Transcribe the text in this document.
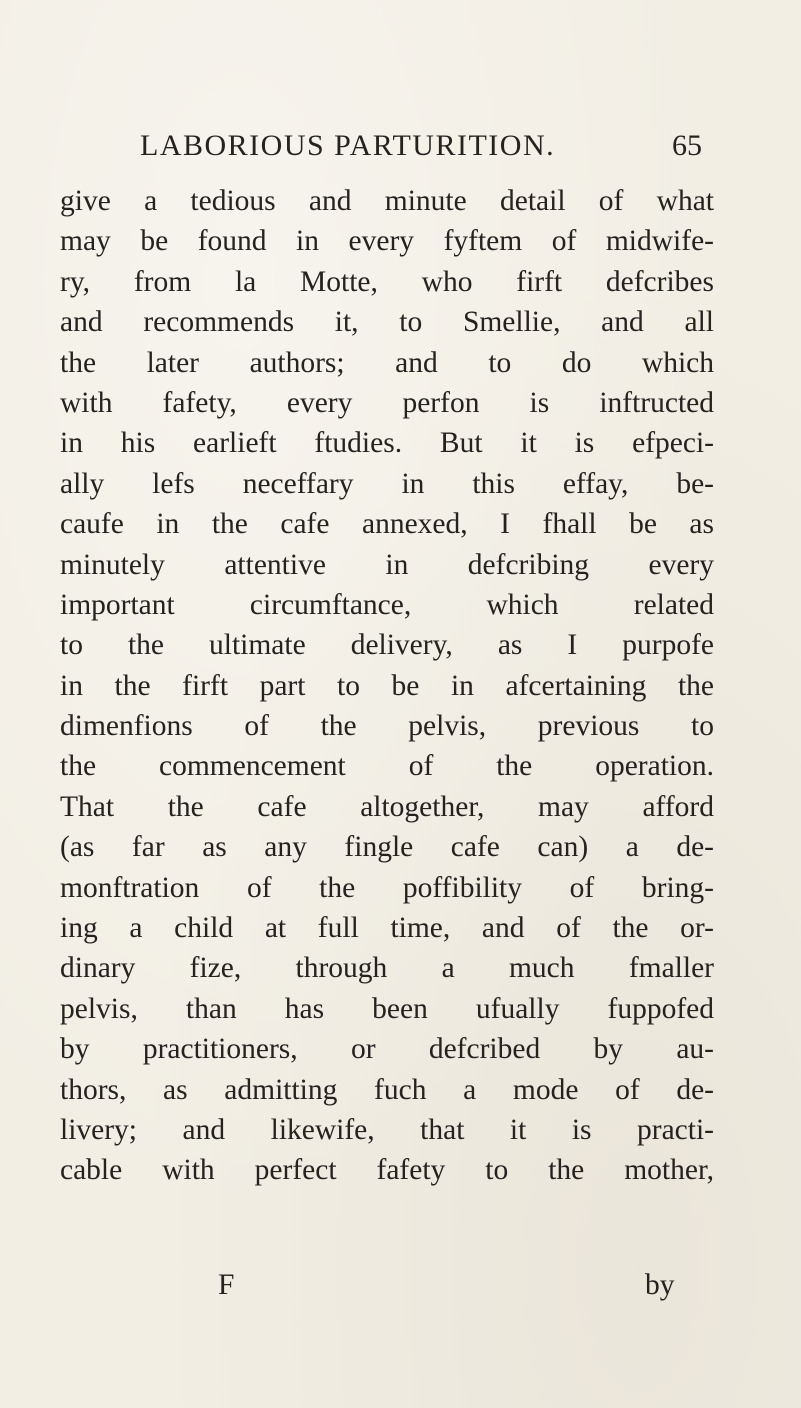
LABORIOUS PARTURITION.	65
give a tedious and minute detail of what
may be found in every fyftem of midwife-
ry, from la Motte, who firft defcribes
and recommends it, to Smellie, and all
the later authors; and to do which
with fafety, every perfon is inftructed
in his earlieft ftudies. But it is efpeci-
ally lefs neceffary in this effay, be-
caufe in the cafe annexed, I fhall be as
minutely attentive in defcribing every
important circumftance, which related
to the ultimate delivery, as I purpofe
in the firft part to be in afcertaining the
dimenfions of the pelvis, previous to
the commencement of the operation.
That the cafe altogether, may afford
(as far as any fingle cafe can) a de-
monftration of the poffibility of bring-
ing a child at full time, and of the or-
dinary fize, through a much fmaller
pelvis, than has been ufually fuppofed
by practitioners, or defcribed by au-
thors, as admitting fuch a mode of de-
livery; and likewife, that it is practi-
cable with perfect fafety to the mother,
F	by
